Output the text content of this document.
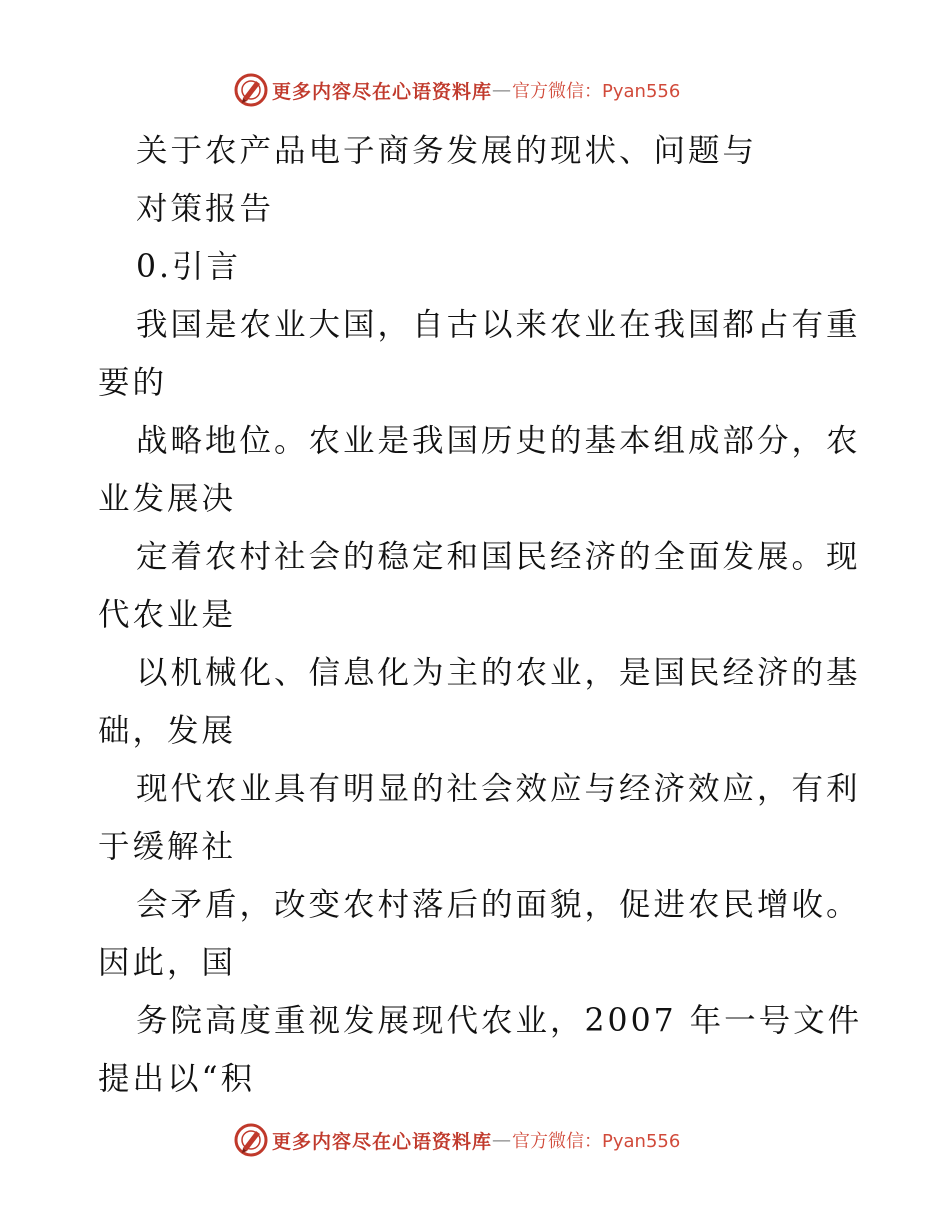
更多内容尽在心语资料库 — 官方微信：Pyan556
关于农产品电子商务发展的现状、问题与
对策报告
0.引言
我国是农业大国，自古以来农业在我国都占有重
要的
战略地位。农业是我国历史的基本组成部分，农
业发展决
定着农村社会的稳定和国民经济的全面发展。现
代农业是
以机械化、信息化为主的农业，是国民经济的基
础，发展
现代农业具有明显的社会效应与经济效应，有利
于缓解社
会矛盾，改变农村落后的面貌，促进农民增收。
因此，国
务院高度重视发展现代农业，2007 年一号文件
提出以“积
更多内容尽在心语资料库 — 官方微信：Pyan556
